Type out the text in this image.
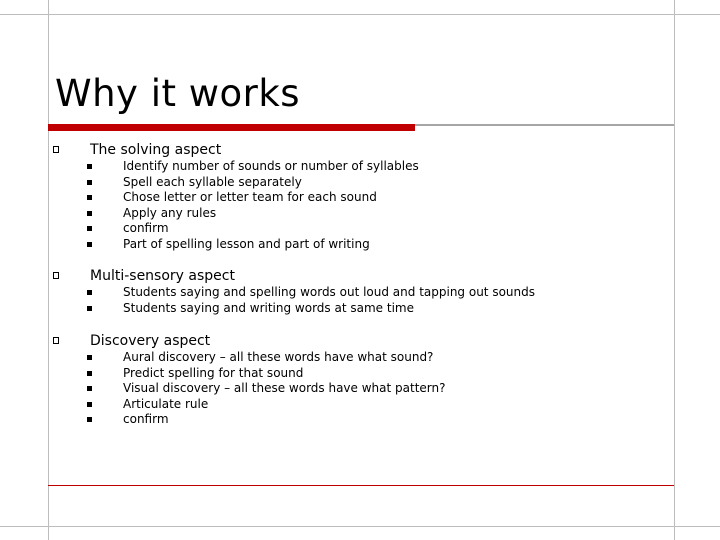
Why it works
The solving aspect
Identify number of sounds or number of syllables
Spell each syllable separately
Chose letter or letter team for each sound
Apply any rules
confirm
Part of spelling lesson and part of writing
Multi-sensory aspect
Students saying and spelling words out loud and tapping out sounds
Students saying and writing words at same time
Discovery aspect
Aural discovery – all these words have what sound?
Predict spelling for that sound
Visual discovery – all these words have what pattern?
Articulate rule
confirm
